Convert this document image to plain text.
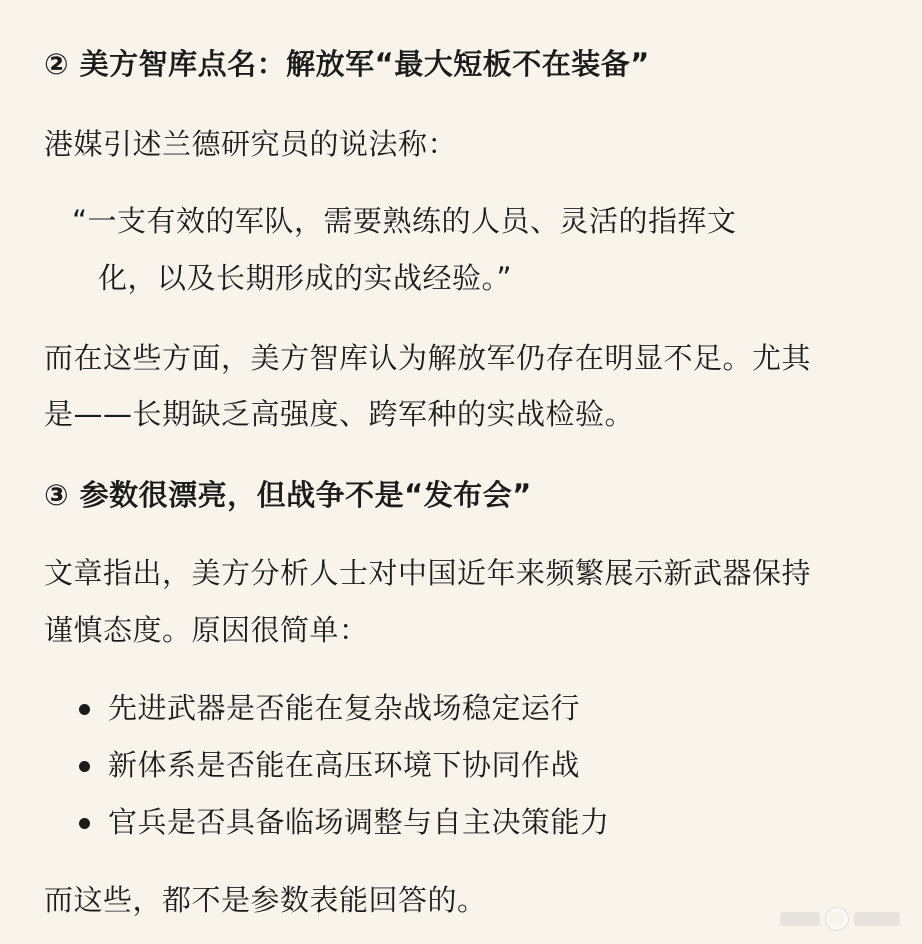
② 美方智库点名：解放军“最大短板不在装备”
港媒引述兰德研究员的说法称：
“一支有效的军队，需要熟练的人员、灵活的指挥文
化，以及长期形成的实战经验。”
而在这些方面，美方智库认为解放军仍存在明显不足。尤其
是——长期缺乏高强度、跨军种的实战检验。
③ 参数很漂亮，但战争不是“发布会”
文章指出，美方分析人士对中国近年来频繁展示新武器保持
谨慎态度。原因很简单：
先进武器是否能在复杂战场稳定运行
新体系是否能在高压环境下协同作战
官兵是否具备临场调整与自主决策能力
而这些，都不是参数表能回答的。
